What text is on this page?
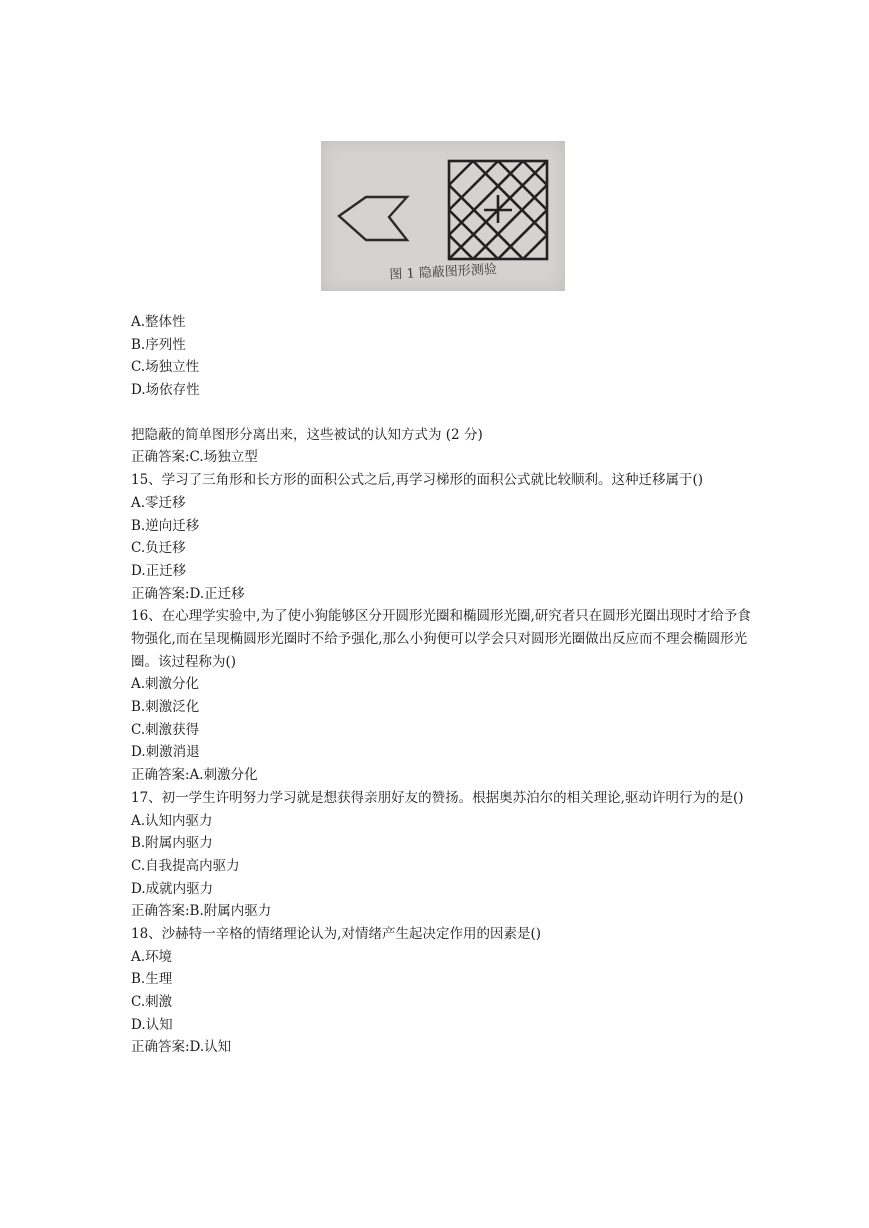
图 1 隐蔽图形测验
A.整体性
B.序列性
C.场独立性
D.场依存性
把隐蔽的简单图形分离出来，这些被试的认知方式为 (2 分)
正确答案:C.场独立型
15、学习了三角形和长方形的面积公式之后,再学习梯形的面积公式就比较顺利。这种迁移属于()
A.零迁移
B.逆向迁移
C.负迁移
D.正迁移
正确答案:D.正迁移
16、在心理学实验中,为了使小狗能够区分开圆形光圈和椭圆形光圈,研究者只在圆形光圈出现时才给予食物强化,而在呈现椭圆形光圈时不给予强化,那么小狗便可以学会只对圆形光圈做出反应而不理会椭圆形光圈。该过程称为()
A.刺激分化
B.刺激泛化
C.刺激获得
D.刺激消退
正确答案:A.刺激分化
17、初一学生许明努力学习就是想获得亲朋好友的赞扬。根据奥苏泊尔的相关理论,驱动许明行为的是()
A.认知内驱力
B.附属内驱力
C.自我提高内驱力
D.成就内驱力
正确答案:B.附属内驱力
18、沙赫特一辛格的情绪理论认为,对情绪产生起决定作用的因素是()
A.环境
B.生理
C.刺激
D.认知
正确答案:D.认知
